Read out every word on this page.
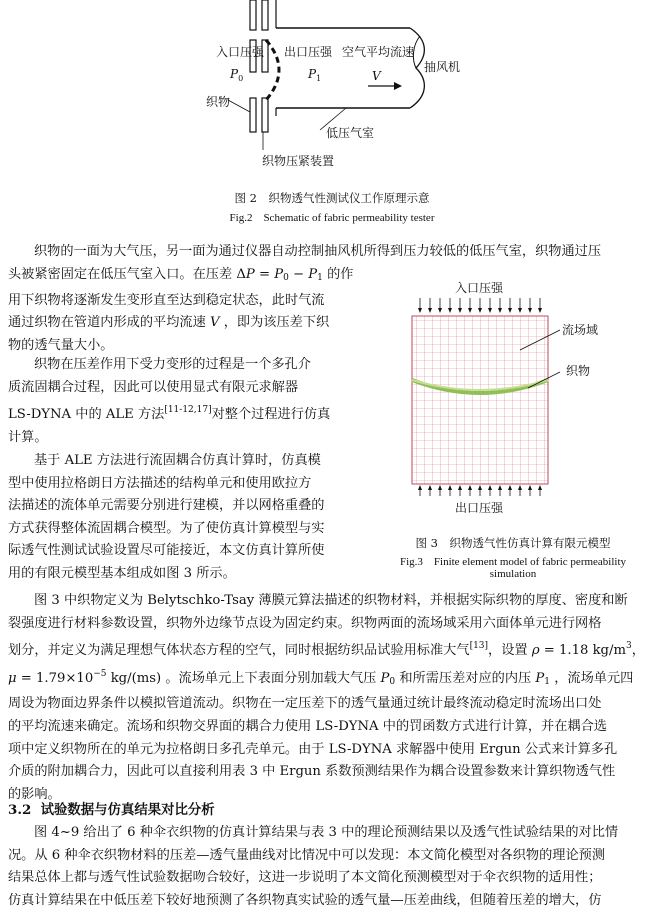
入口压强
$P_0$
出口压强
$P_1$
空气平均流速
V
抽风机
织物
低压气室
织物压紧装置
图 2　织物透气性测试仪工作原理示意
Fig.2　Schematic of fabric permeability tester
织物的一面为大气压，另一面为通过仪器自动控制抽风机所得到压力较低的低压气室，织物通过压
头被紧密固定在低压气室入口。在压差 $\Delta P = P_0 - P_1$ 的作
用下织物将逐渐发生变形直至达到稳定状态，此时气流
通过织物在管道内形成的平均流速 V ，即为该压差下织
物的透气量大小。
织物在压差作用下受力变形的过程是一个多孔介
质流固耦合过程，因此可以使用显式有限元求解器
LS-DYNA 中的 ALE 方法[11-12,17]对整个过程进行仿真
计算。
基于 ALE 方法进行流固耦合仿真计算时，仿真模
型中使用拉格朗日方法描述的结构单元和使用欧拉方
法描述的流体单元需要分别进行建模，并以网格重叠的
方式获得整体流固耦合模型。为了使仿真计算模型与实
际透气性测试试验设置尽可能接近，本文仿真计算所使
用的有限元模型基本组成如图 3 所示。
入口压强
流场域
织物
出口压强
图 3　织物透气性仿真计算有限元模型
Fig.3　Finite element model of fabric permeability
simulation
图 3 中织物定义为 Belytschko-Tsay 薄膜元算法描述的织物材料，并根据实际织物的厚度、密度和断
裂强度进行材料参数设置，织物外边缘节点设为固定约束。织物两面的流场域采用六面体单元进行网格
划分，并定义为满足理想气体状态方程的空气，同时根据纺织品试验用标准大气[13]，设置 ρ = 1.18 $kg/m^3$，
$\mu = 1.79\times 10^{-5}$ kg/(ms) 。流场单元上下表面分别加载大气压 $P_0$ 和所需压差对应的内压 $P_1$ ，流场单元四
周设为物面边界条件以模拟管道流动。织物在一定压差下的透气量通过统计最终流动稳定时流场出口处
的平均流速来确定。流场和织物交界面的耦合力使用 LS-DYNA 中的罚函数方式进行计算，并在耦合选
项中定义织物所在的单元为拉格朗日多孔壳单元。由于 LS-DYNA 求解器中使用 Ergun 公式来计算多孔
介质的附加耦合力，因此可以直接利用表 3 中 Ergun 系数预测结果作为耦合设置参数来计算织物透气性
的影响。
3.2 试验数据与仿真结果对比分析
图 4~9 给出了 6 种伞衣织物的仿真计算结果与表 3 中的理论预测结果以及透气性试验结果的对比情
况。从 6 种伞衣织物材料的压差—透气量曲线对比情况中可以发现：本文简化模型对各织物的理论预测
结果总体上都与透气性试验数据吻合较好，这进一步说明了本文简化预测模型对于伞衣织物的适用性；
仿真计算结果在中低压差下较好地预测了各织物真实试验的透气量—压差曲线，但随着压差的增大，仿
